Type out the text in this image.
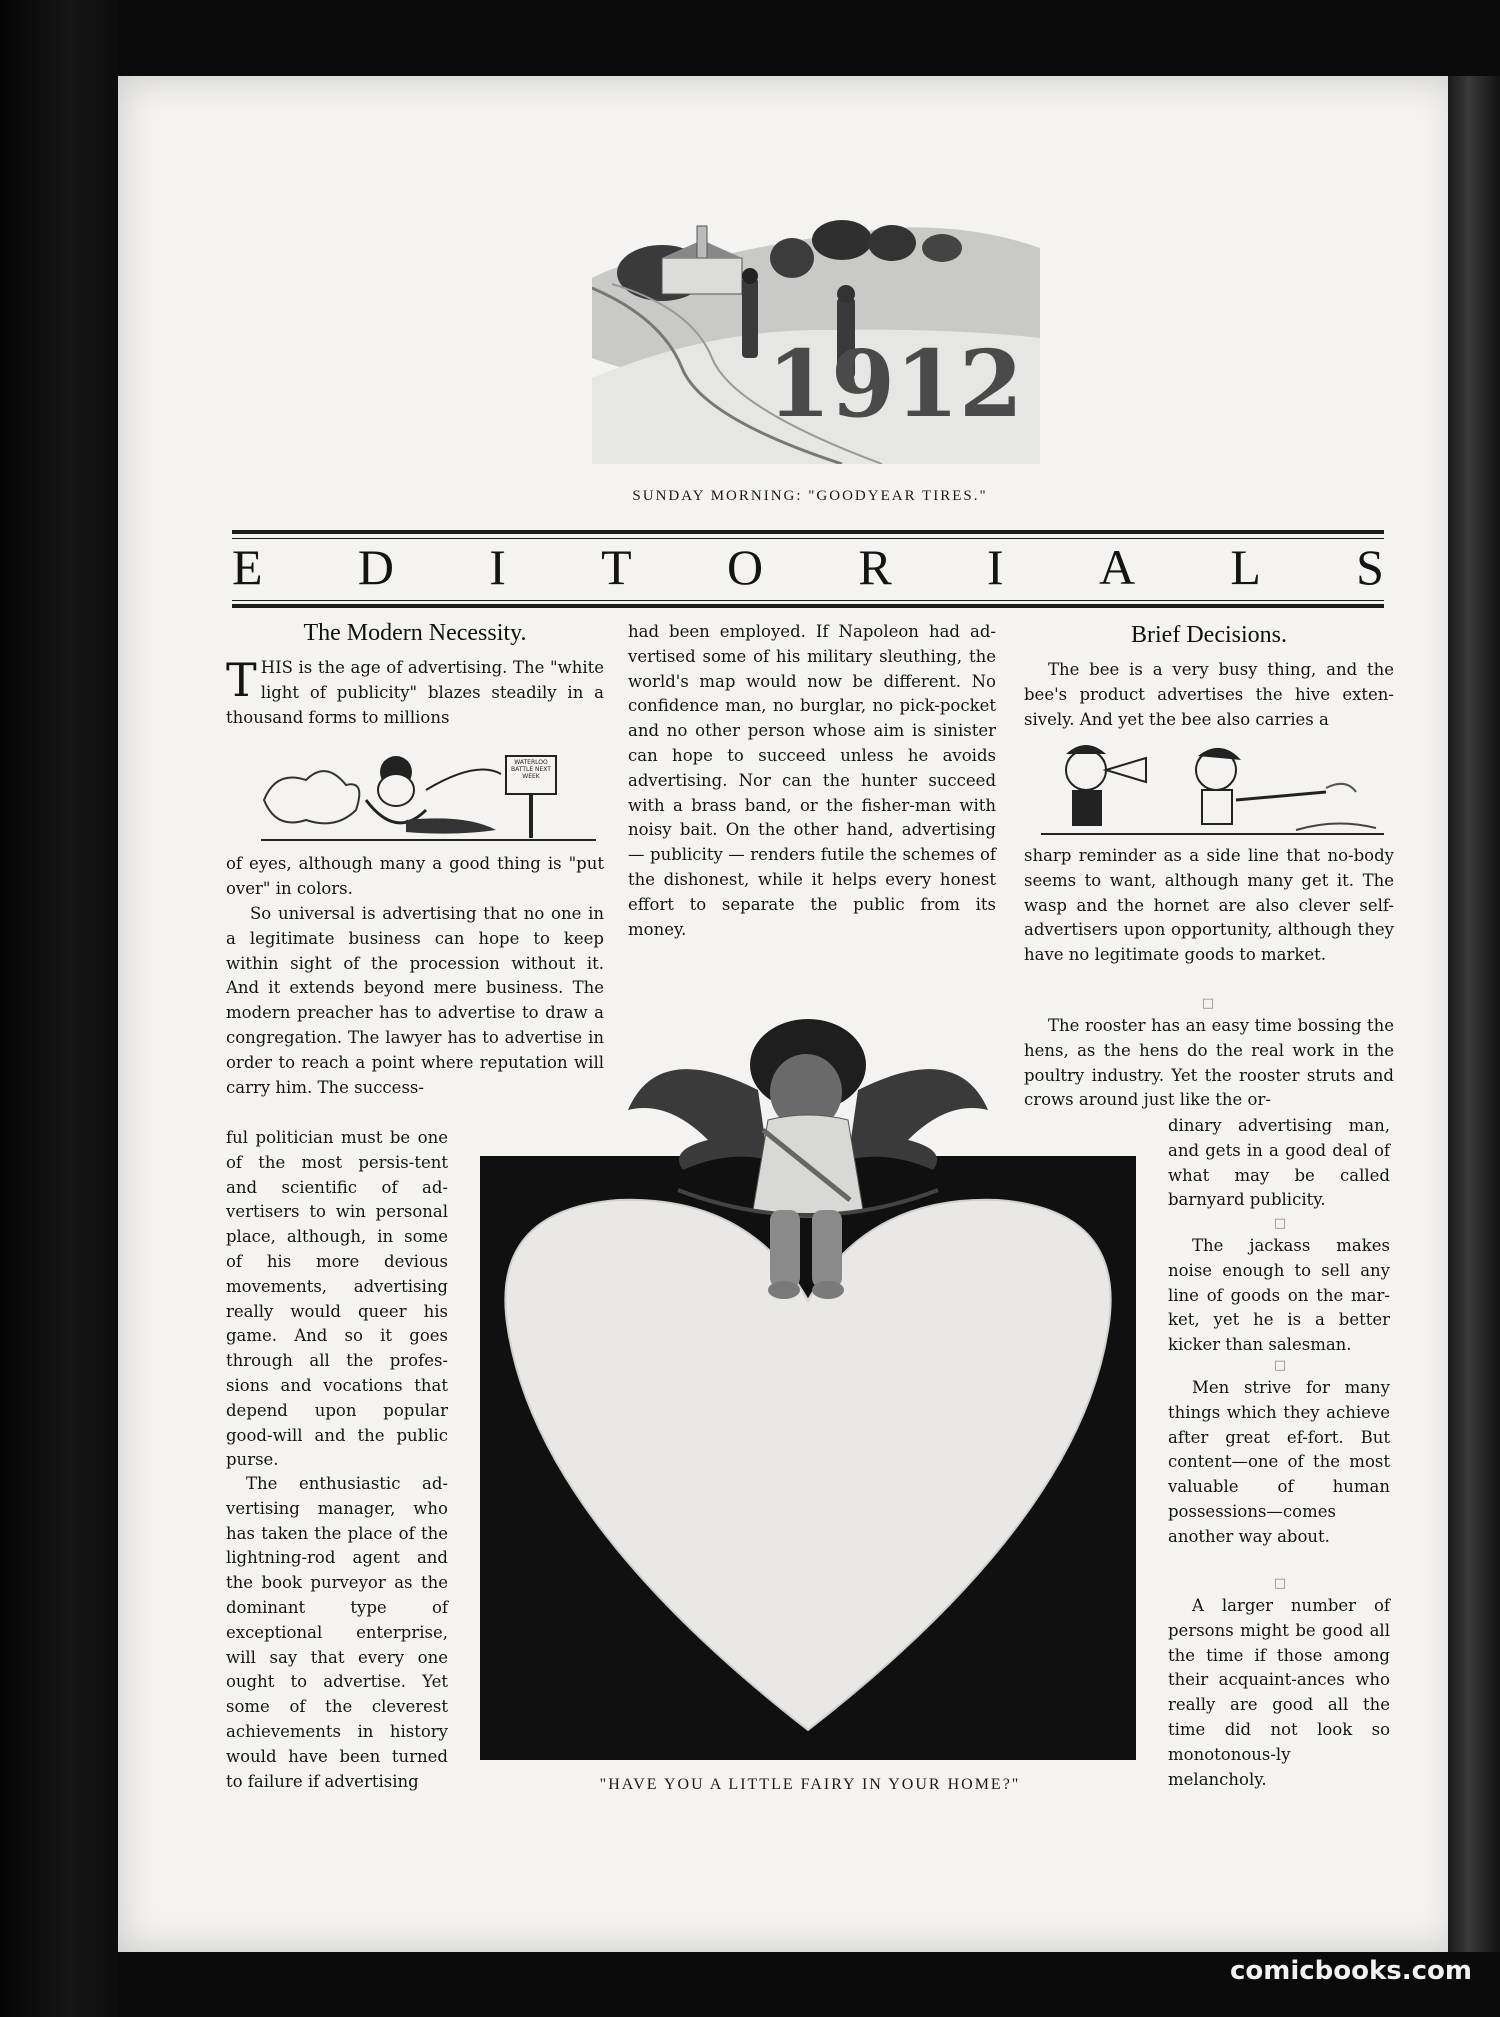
1 9 1 2
SUNDAY MORNING: "GOODYEAR TIRES."
E D I T O R I A L S
The Modern Necessity.
THIS is the age of advertising. The "white light of publicity" blazes steadily in a thousand forms to millions
WATERLOO BATTLE NEXT WEEK
of eyes, although many a good thing is "put over" in colors.
So universal is advertising that no one in a legitimate business can hope to keep within sight of the procession without it. And it extends beyond mere business. The modern preacher has to advertise to draw a congregation. The lawyer has to advertise in order to reach a point where reputation will carry him. The success-
ful politician must be one of the most persis-tent and scientific of ad-vertisers to win personal place, although, in some of his more devious movements, advertising really would queer his game. And so it goes through all the profes-sions and vocations that depend upon popular good-will and the public purse.
The enthusiastic ad-vertising manager, who has taken the place of the lightning-rod agent and the book purveyor as the dominant type of exceptional enterprise, will say that every one ought to advertise. Yet some of the cleverest achievements in history would have been turned to failure if advertising
had been employed. If Napoleon had ad-vertised some of his military sleuthing, the world's map would now be different. No confidence man, no burglar, no pick-pocket and no other person whose aim is sinister can hope to succeed unless he avoids advertising. Nor can the hunter succeed with a brass band, or the fisher-man with noisy bait. On the other hand, advertising — publicity — renders futile the schemes of the dishonest, while it helps every honest effort to separate the public from its money.
"HAVE YOU A LITTLE FAIRY IN YOUR HOME?"
Brief Decisions.
The bee is a very busy thing, and the bee's product advertises the hive exten-sively. And yet the bee also carries a
sharp reminder as a side line that no-body seems to want, although many get it. The wasp and the hornet are also clever self-advertisers upon opportunity, although they have no legitimate goods to market.
□
The rooster has an easy time bossing the hens, as the hens do the real work in the poultry industry. Yet the rooster struts and crows around just like the or-
dinary advertising man, and gets in a good deal of what may be called barnyard publicity.
□
The jackass makes noise enough to sell any line of goods on the mar-ket, yet he is a better kicker than salesman.
□
Men strive for many things which they achieve after great ef-fort. But content—one of the most valuable of human possessions—comes another way about.
□
A larger number of persons might be good all the time if those among their acquaint-ances who really are good all the time did not look so monotonous-ly melancholy.
comicbooks.com
